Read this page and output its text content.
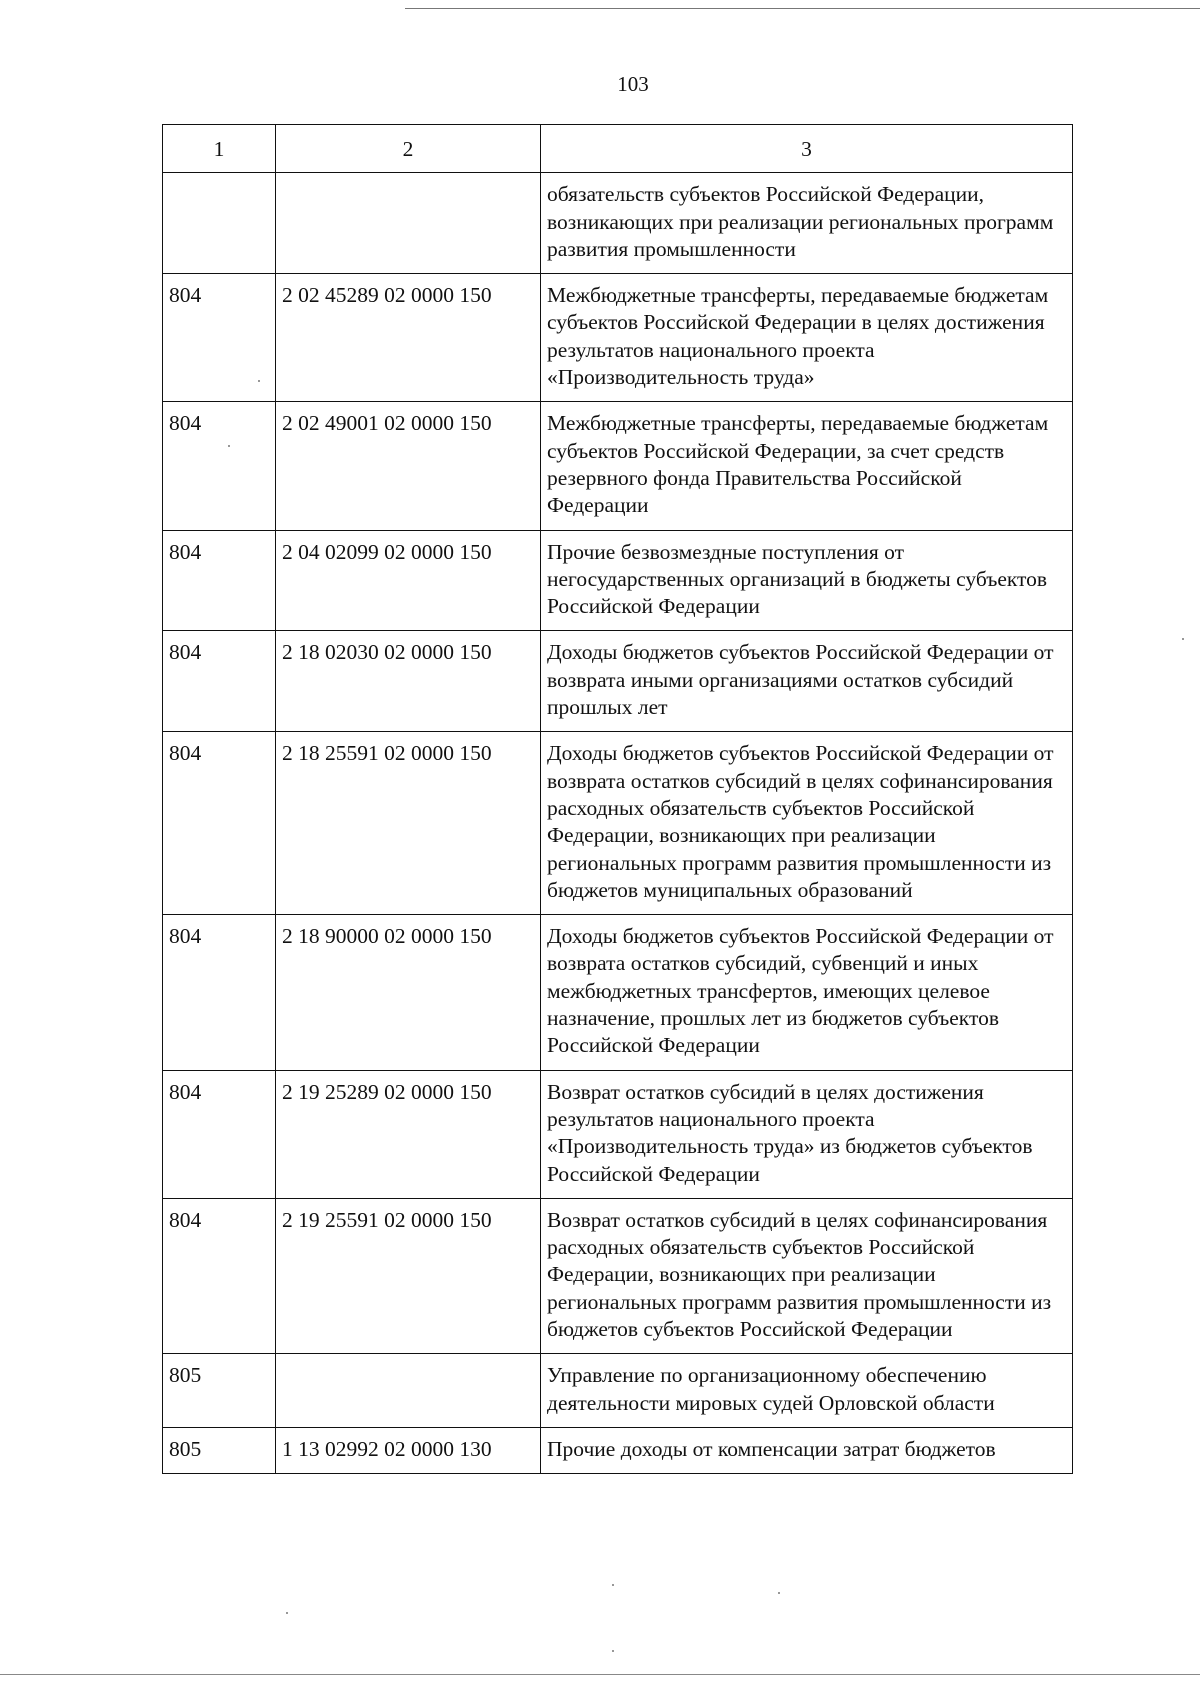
103
1	2	3
		обязательств субъектов Российской Федерации, возникающих при реализации региональных программ развития промышленности
804	2 02 45289 02 0000 150	Межбюджетные трансферты, передаваемые бюджетам субъектов Российской Федерации в целях достижения результатов национального проекта «Производительность труда»
804	2 02 49001 02 0000 150	Межбюджетные трансферты, передаваемые бюджетам субъектов Российской Федерации, за счет средств резервного фонда Правительства Российской Федерации
804	2 04 02099 02 0000 150	Прочие безвозмездные поступления от негосударственных организаций в бюджеты субъектов Российской Федерации
804	2 18 02030 02 0000 150	Доходы бюджетов субъектов Российской Федерации от возврата иными организациями остатков субсидий прошлых лет
804	2 18 25591 02 0000 150	Доходы бюджетов субъектов Российской Федерации от возврата остатков субсидий в целях софинансирования расходных обязательств субъектов Российской Федерации, возникающих при реализации региональных программ развития промышленности из бюджетов муниципальных образований
804	2 18 90000 02 0000 150	Доходы бюджетов субъектов Российской Федерации от возврата остатков субсидий, субвенций и иных межбюджетных трансфертов, имеющих целевое назначение, прошлых лет из бюджетов субъектов Российской Федерации
804	2 19 25289 02 0000 150	Возврат остатков субсидий в целях достижения результатов национального проекта «Производительность труда» из бюджетов субъектов Российской Федерации
804	2 19 25591 02 0000 150	Возврат остатков субсидий в целях софинансирования расходных обязательств субъектов Российской Федерации, возникающих при реализации региональных программ развития промышленности из бюджетов субъектов Российской Федерации
805		Управление по организационному обеспечению деятельности мировых судей Орловской области
805	1 13 02992 02 0000 130	Прочие доходы от компенсации затрат бюджетов
